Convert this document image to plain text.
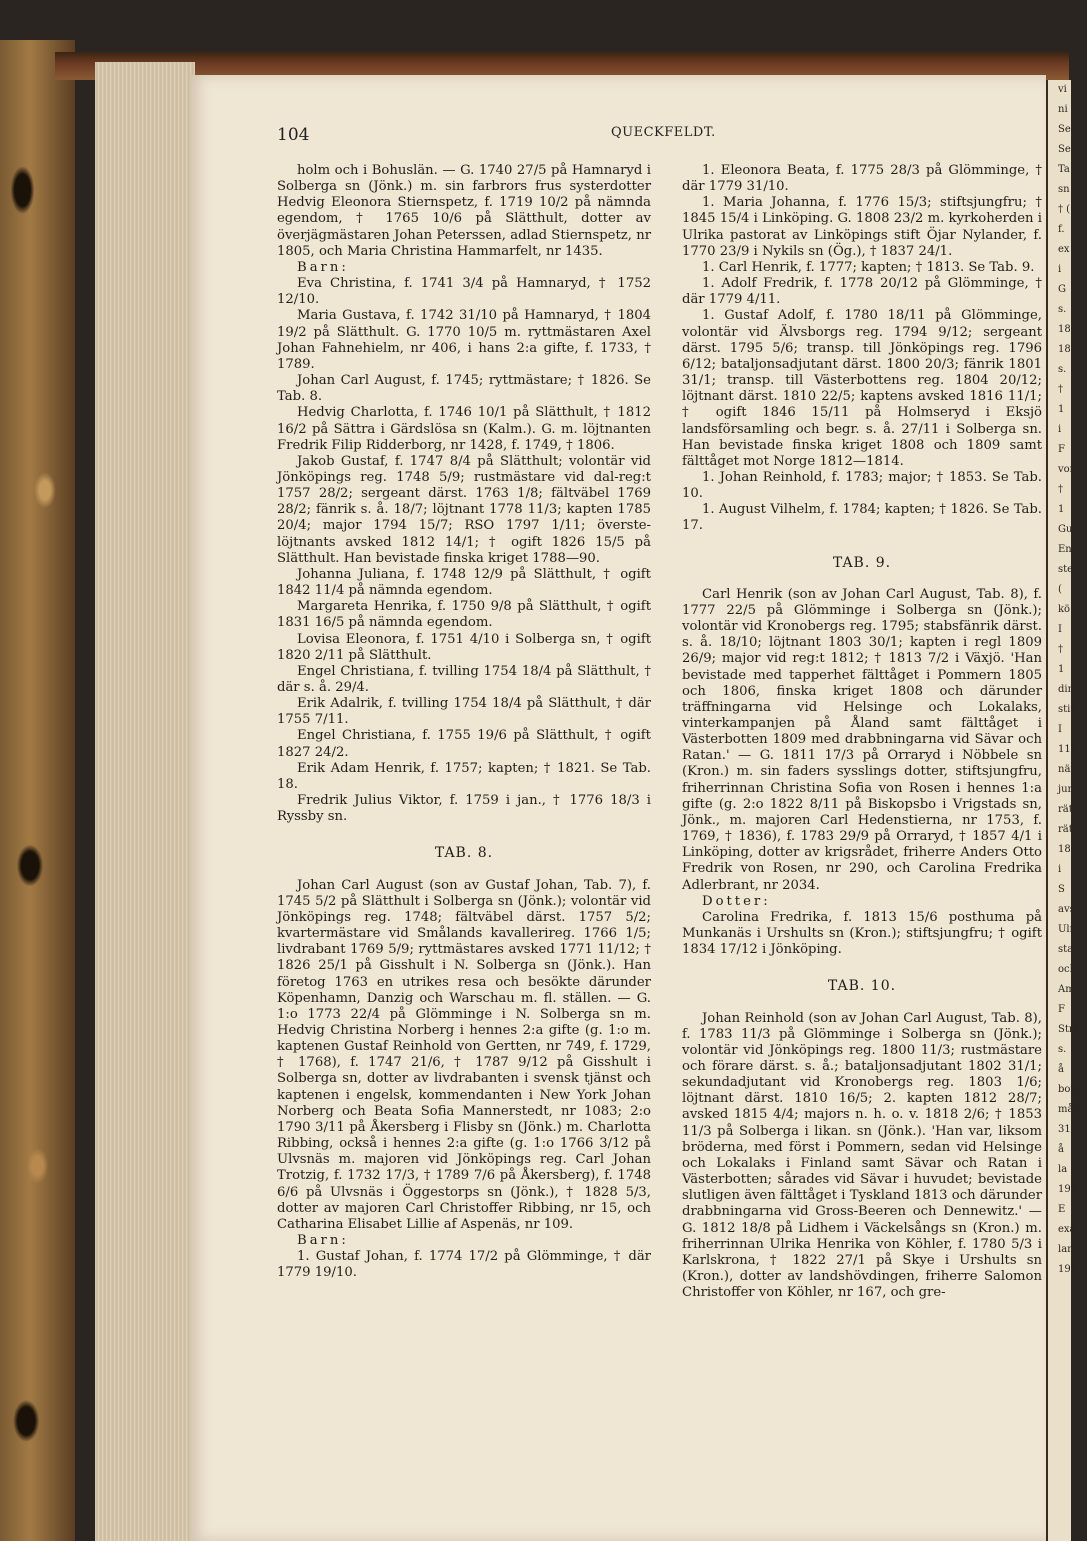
vi
ni
Se
Se
Ta
sn
† (
f.
ex
i G
s.
18
18
s.
† 1
i F
vor
† 1
Gu
En
ste
(
kö
I
† 1
din
stif
I
11)
när
jur.
rätt
rätt
188
i S
avs
Ulr
stac
och
Am
F
Strä
s. å
borg
mår
31/12
å la
192
E
exa
lan
191
104	QUECKFELDT.

holm och i Bohuslän. — G. 1740 27/5 på Hamnaryd i Solberga sn (Jönk.) m. sin farbrors frus systerdotter Hedvig Eleonora Stiernspetz, f. 1719 10/2 på nämnda egendom, † 1765 10/6 på Slätthult, dotter av överjägmästaren Johan Peterssen, adlad Stiernspetz, nr 1805, och Maria Christina Hammarfelt, nr 1435.

Barn:

Eva Christina, f. 1741 3/4 på Hamnaryd, † 1752 12/10.

Maria Gustava, f. 1742 31/10 på Hamnaryd, † 1804 19/2 på Slätthult. G. 1770 10/5 m. ryttmästaren Axel Johan Fahnehielm, nr 406, i hans 2:a gifte, f. 1733, † 1789.

Johan Carl August, f. 1745; ryttmästare; † 1826. Se Tab. 8.

Hedvig Charlotta, f. 1746 10/1 på Slätthult, † 1812 16/2 på Sättra i Gärdslösa sn (Kalm.). G. m. löjtnanten Fredrik Filip Ridderborg, nr 1428, f. 1749, † 1806.

Jakob Gustaf, f. 1747 8/4 på Slätthult; volontär vid Jönköpings reg. 1748 5/9; rustmästare vid dal-reg:t 1757 28/2; sergeant därst. 1763 1/8; fältväbel 1769 28/2; fänrik s. å. 18/7; löjtnant 1778 11/3; kapten 1785 20/4; major 1794 15/7; RSO 1797 1/11; överste-löjtnants avsked 1812 14/1; † ogift 1826 15/5 på Slätthult. Han bevistade finska kriget 1788—90.

Johanna Juliana, f. 1748 12/9 på Slätthult, † ogift 1842 11/4 på nämnda egendom.

Margareta Henrika, f. 1750 9/8 på Slätthult, † ogift 1831 16/5 på nämnda egendom.

Lovisa Eleonora, f. 1751 4/10 i Solberga sn, † ogift 1820 2/11 på Slätthult.

Engel Christiana, f. tvilling 1754 18/4 på Slätthult, † där s. å. 29/4.

Erik Adalrik, f. tvilling 1754 18/4 på Slätthult, † där 1755 7/11.

Engel Christiana, f. 1755 19/6 på Slätthult, † ogift 1827 24/2.

Erik Adam Henrik, f. 1757; kapten; † 1821. Se Tab. 18.

Fredrik Julius Viktor, f. 1759 i jan., † 1776 18/3 i Ryssby sn.

TAB. 8.

Johan Carl August (son av Gustaf Johan, Tab. 7), f. 1745 5/2 på Slätthult i Solberga sn (Jönk.); volontär vid Jönköpings reg. 1748; fältväbel därst. 1757 5/2; kvartermästare vid Smålands kavallerireg. 1766 1/5; livdrabant 1769 5/9; ryttmästares avsked 1771 11/12; † 1826 25/1 på Gisshult i N. Solberga sn (Jönk.). Han företog 1763 en utrikes resa och besökte därunder Köpenhamn, Danzig och Warschau m. fl. ställen. — G. 1:o 1773 22/4 på Glömminge i N. Solberga sn m. Hedvig Christina Norberg i hennes 2:a gifte (g. 1:o m. kaptenen Gustaf Reinhold von Gertten, nr 749, f. 1729, † 1768), f. 1747 21/6, † 1787 9/12 på Gisshult i Solberga sn, dotter av livdrabanten i svensk tjänst och kaptenen i engelsk, kommendanten i New York Johan Norberg och Beata Sofia Mannerstedt, nr 1083; 2:o 1790 3/11 på Åkersberg i Flisby sn (Jönk.) m. Charlotta Ribbing, också i hennes 2:a gifte (g. 1:o 1766 3/12 på Ulvsnäs m. majoren vid Jönköpings reg. Carl Johan Trotzig, f. 1732 17/3, † 1789 7/6 på Åkersberg), f. 1748 6/6 på Ulvsnäs i Öggestorps sn (Jönk.), † 1828 5/3, dotter av majoren Carl Christoffer Ribbing, nr 15, och Catharina Elisabet Lillie af Aspenäs, nr 109.

Barn:

1. Gustaf Johan, f. 1774 17/2 på Glömminge, † där 1779 19/10.

1. Eleonora Beata, f. 1775 28/3 på Glömminge, † där 1779 31/10.

1. Maria Johanna, f. 1776 15/3; stiftsjungfru; † 1845 15/4 i Linköping. G. 1808 23/2 m. kyrkoherden i Ulrika pastorat av Linköpings stift Öjar Nylander, f. 1770 23/9 i Nykils sn (Ög.), † 1837 24/1.

1. Carl Henrik, f. 1777; kapten; † 1813. Se Tab. 9.

1. Adolf Fredrik, f. 1778 20/12 på Glömminge, † där 1779 4/11.

1. Gustaf Adolf, f. 1780 18/11 på Glömminge, volontär vid Älvsborgs reg. 1794 9/12; sergeant därst. 1795 5/6; transp. till Jönköpings reg. 1796 6/12; bataljonsadjutant därst. 1800 20/3; fänrik 1801 31/1; transp. till Västerbottens reg. 1804 20/12; löjtnant därst. 1810 22/5; kaptens avsked 1816 11/1; † ogift 1846 15/11 på Holmseryd i Eksjö landsförsamling och begr. s. å. 27/11 i Solberga sn. Han bevistade finska kriget 1808 och 1809 samt fälttåget mot Norge 1812—1814.

1. Johan Reinhold, f. 1783; major; † 1853. Se Tab. 10.

1. August Vilhelm, f. 1784; kapten; † 1826. Se Tab. 17.

TAB. 9.

Carl Henrik (son av Johan Carl August, Tab. 8), f. 1777 22/5 på Glömminge i Solberga sn (Jönk.); volontär vid Kronobergs reg. 1795; stabsfänrik därst. s. å. 18/10; löjtnant 1803 30/1; kapten i regl 1809 26/9; major vid reg:t 1812; † 1813 7/2 i Växjö. 'Han bevistade med tapperhet fälttåget i Pommern 1805 och 1806, finska kriget 1808 och därunder träffningarna vid Helsinge och Lokalaks, vinterkampanjen på Åland samt fälttåget i Västerbotten 1809 med drabbningarna vid Sävar och Ratan.' — G. 1811 17/3 på Orraryd i Nöbbele sn (Kron.) m. sin faders sysslings dotter, stiftsjungfru, friherrinnan Christina Sofia von Rosen i hennes 1:a gifte (g. 2:o 1822 8/11 på Biskopsbo i Vrigstads sn, Jönk., m. majoren Carl Hedenstierna, nr 1753, f. 1769, † 1836), f. 1783 29/9 på Orraryd, † 1857 4/1 i Linköping, dotter av krigsrådet, friherre Anders Otto Fredrik von Rosen, nr 290, och Carolina Fredrika Adlerbrant, nr 2034.

Dotter:

Carolina Fredrika, f. 1813 15/6 posthuma på Munkanäs i Urshults sn (Kron.); stiftsjungfru; † ogift 1834 17/12 i Jönköping.

TAB. 10.

Johan Reinhold (son av Johan Carl August, Tab. 8), f. 1783 11/3 på Glömminge i Solberga sn (Jönk.); volontär vid Jönköpings reg. 1800 11/3; rustmästare och förare därst. s. å.; bataljonsadjutant 1802 31/1; sekundadjutant vid Kronobergs reg. 1803 1/6; löjtnant därst. 1810 16/5; 2. kapten 1812 28/7; avsked 1815 4/4; majors n. h. o. v. 1818 2/6; † 1853 11/3 på Solberga i likan. sn (Jönk.). 'Han var, liksom bröderna, med först i Pommern, sedan vid Helsinge och Lokalaks i Finland samt Sävar och Ratan i Västerbotten; sårades vid Sävar i huvudet; bevistade slutligen även fälttåget i Tyskland 1813 och därunder drabbningarna vid Gross-Beeren och Dennewitz.' — G. 1812 18/8 på Lidhem i Väckelsångs sn (Kron.) m. friherrinnan Ulrika Henrika von Köhler, f. 1780 5/3 i Karlskrona, † 1822 27/1 på Skye i Urshults sn (Kron.), dotter av landshövdingen, friherre Salomon Christoffer von Köhler, nr 167, och gre-
